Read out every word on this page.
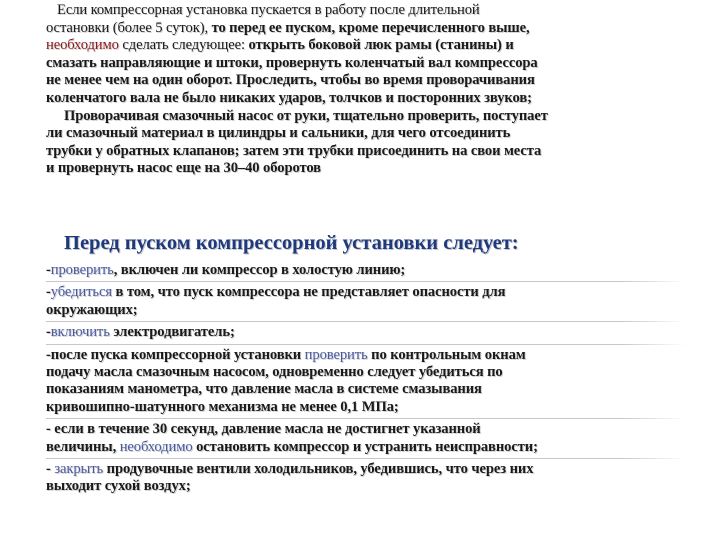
Если компрессорная установка пускается в работу после длительной
остановки (более 5 суток), то перед ее пуском, кроме перечисленного выше,
необходимо сделать следующее: открыть боковой люк рамы (станины) и
смазать направляющие и штоки, провернуть коленчатый вал компрессора
не менее чем на один оборот. Проследить, чтобы во время проворачивания
коленчатого вала не было никаких ударов, толчков и посторонних звуков;
Проворачивая смазочный насос от руки, тщательно проверить, поступает
ли смазочный материал в цилиндры и сальники, для чего отсоединить
трубки у обратных клапанов; затем эти трубки присоединить на свои места
и провернуть насос еще на 30–40 оборотов
Перед пуском компрессорной установки следует:
-проверить, включен ли компрессор в холостую линию;
-убедиться в том, что пуск компрессора не представляет опасности для
окружающих;
-включить электродвигатель;
-после пуска компрессорной установки проверить по контрольным окнам
подачу масла смазочным насосом, одновременно следует убедиться по
показаниям манометра, что давление масла в системе смазывания
кривошипно-шатунного механизма не менее 0,1 МПа;
- если в течение 30 секунд, давление масла не достигнет указанной
величины, необходимо остановить компрессор и устранить неисправности;
- закрыть продувочные вентили холодильников, убедившись, что через них
выходит сухой воздух;
